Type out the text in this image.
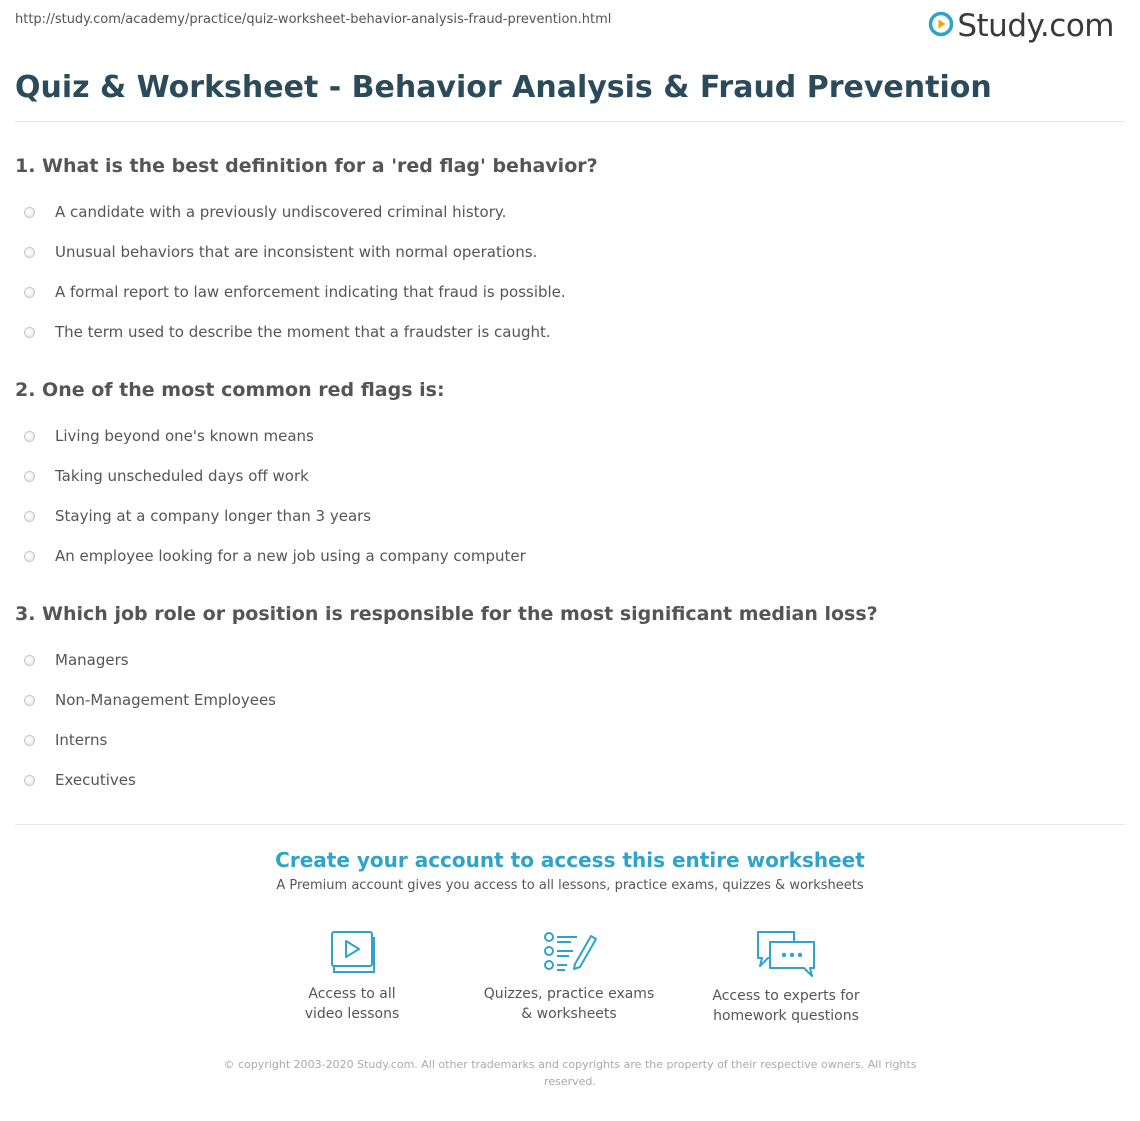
http://study.com/academy/practice/quiz-worksheet-behavior-analysis-fraud-prevention.html	Study.com
Quiz & Worksheet - Behavior Analysis & Fraud Prevention
1. What is the best definition for a 'red flag' behavior?
A candidate with a previously undiscovered criminal history.
Unusual behaviors that are inconsistent with normal operations.
A formal report to law enforcement indicating that fraud is possible.
The term used to describe the moment that a fraudster is caught.
2. One of the most common red flags is:
Living beyond one's known means
Taking unscheduled days off work
Staying at a company longer than 3 years
An employee looking for a new job using a company computer
3. Which job role or position is responsible for the most significant median loss?
Managers
Non-Management Employees
Interns
Executives
Create your account to access this entire worksheet
A Premium account gives you access to all lessons, practice exams, quizzes & worksheets
Access to all
video lessons
Quizzes, practice exams
& worksheets
Access to experts for
homework questions
© copyright 2003-2020 Study.com. All other trademarks and copyrights are the property of their respective owners. All rights
reserved.
